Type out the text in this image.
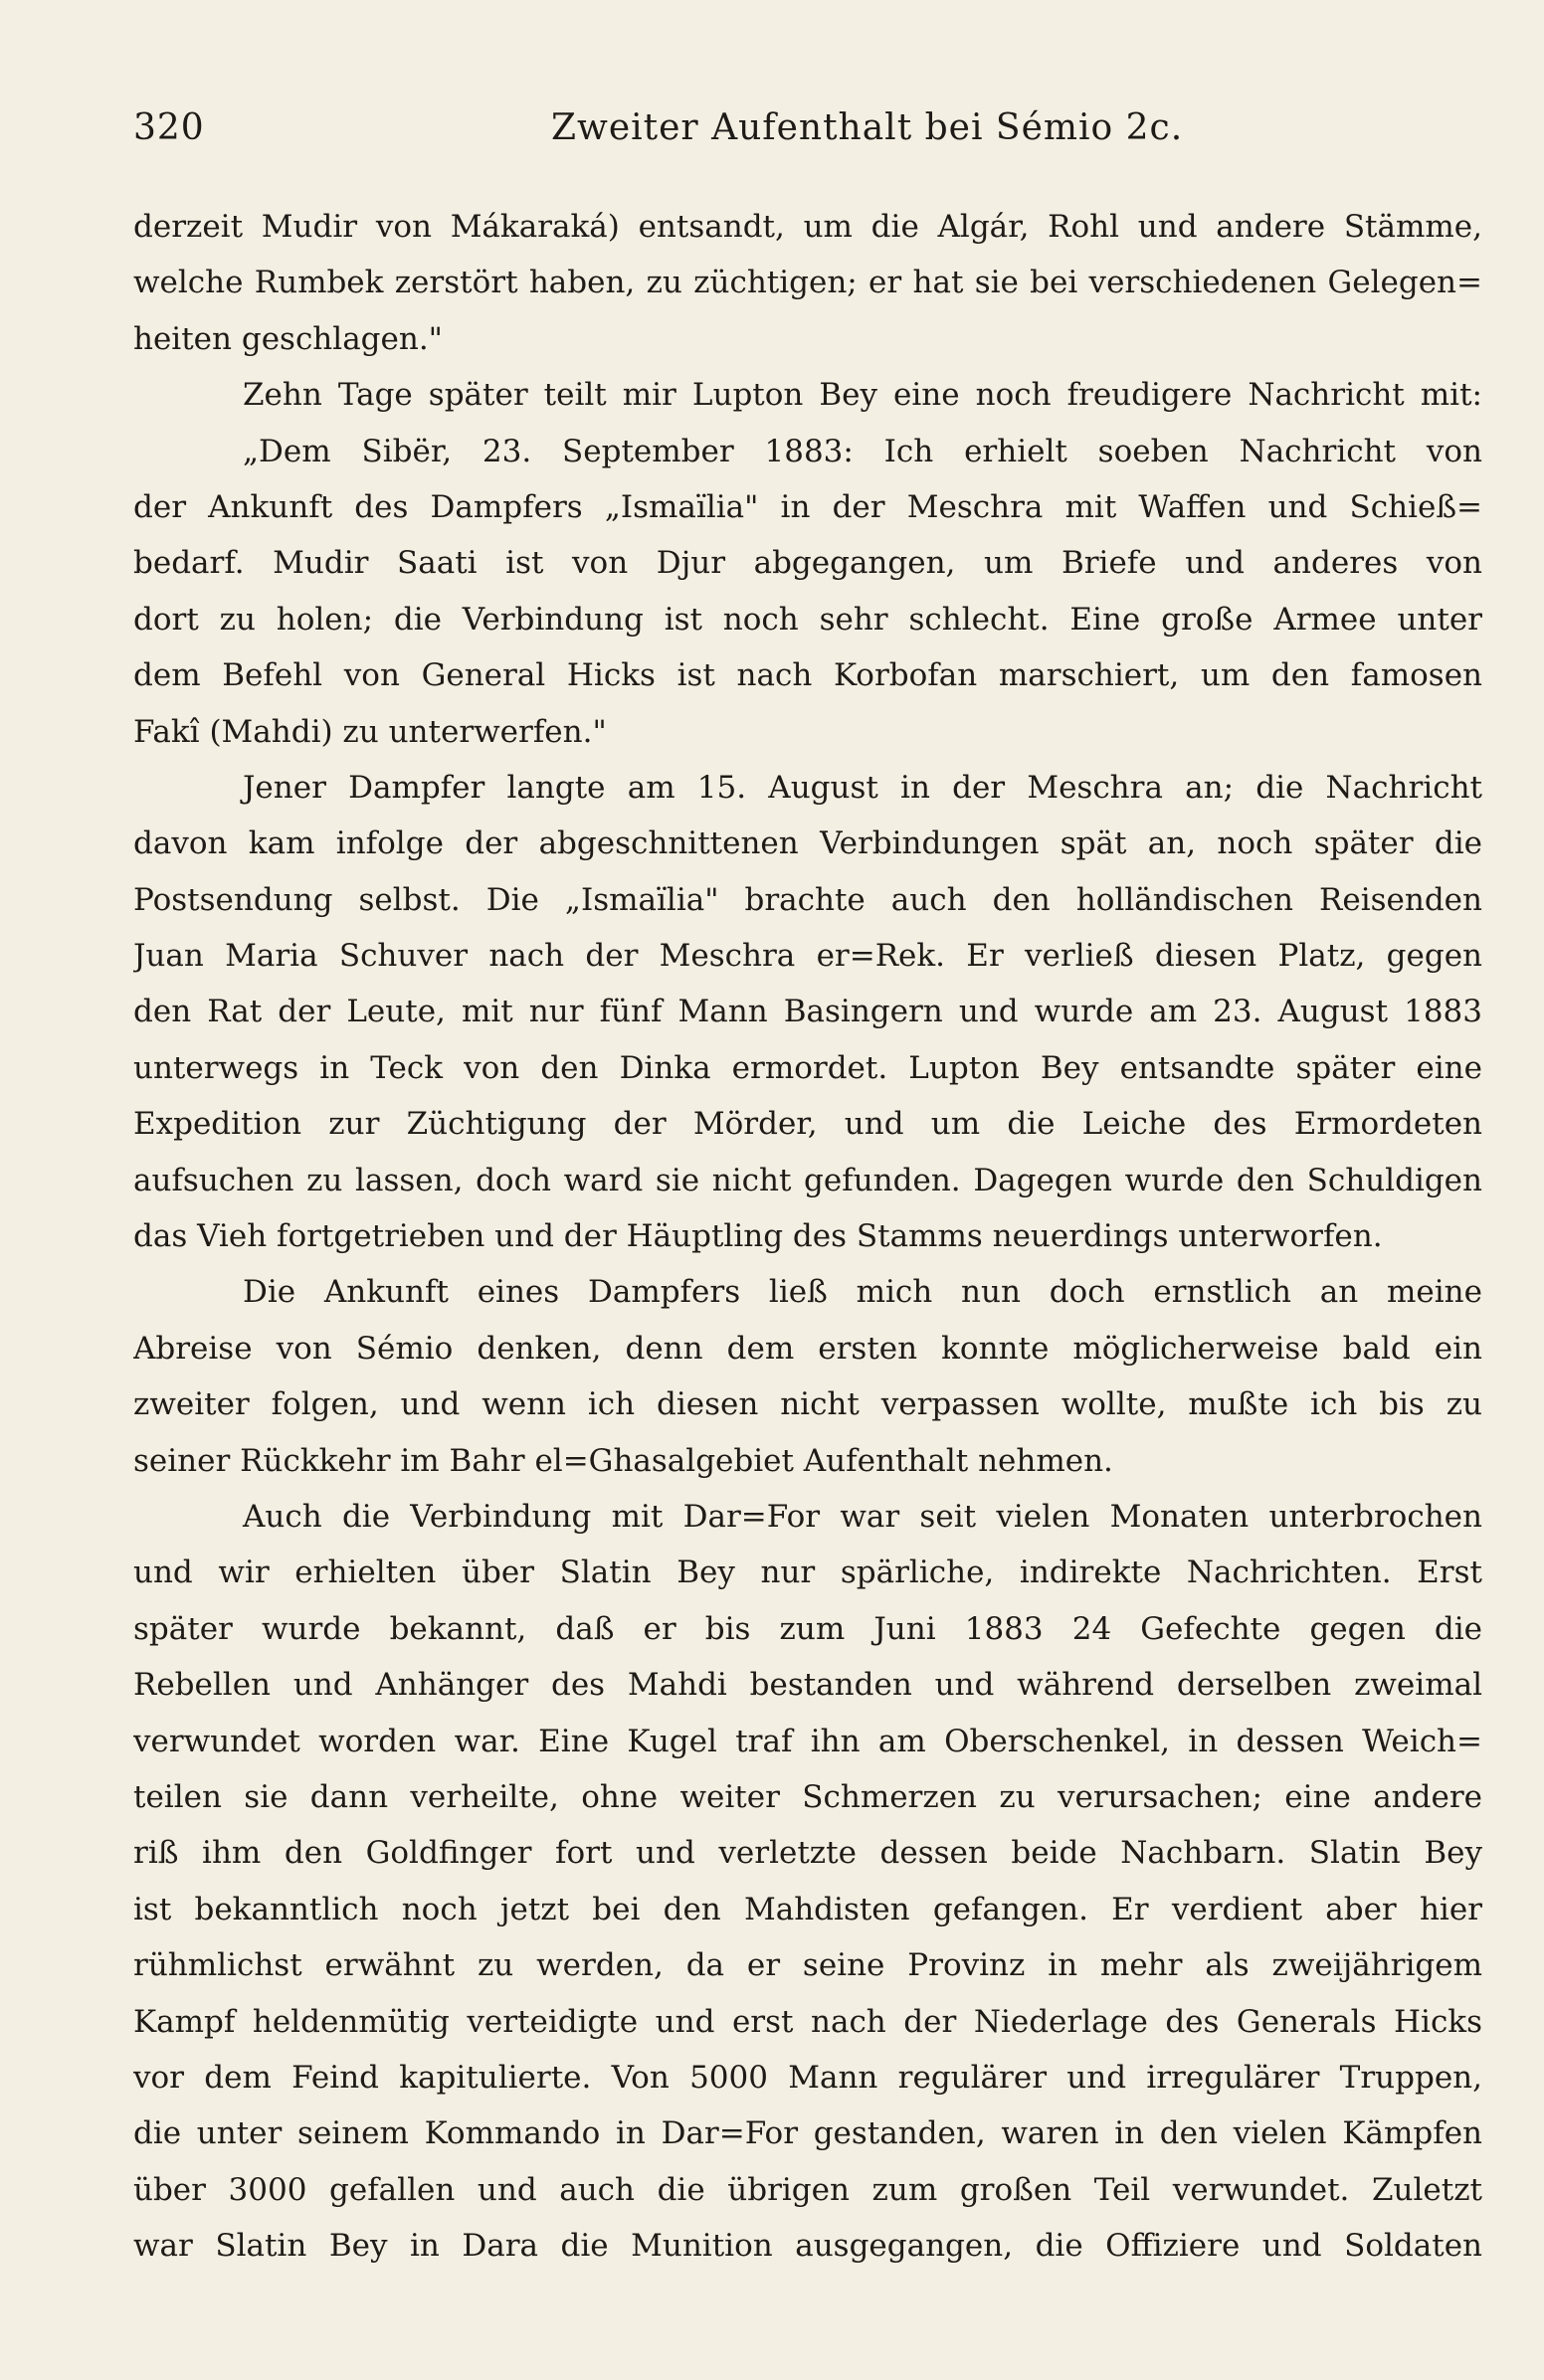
320	Zweiter Aufenthalt bei Sémio 2c.
derzeit Mudir von Mákaraká) entsandt, um die Algár, Rohl und andere Stämme,
welche Rumbek zerstört haben, zu züchtigen; er hat sie bei verschiedenen Gelegen=
heiten geschlagen."
Zehn Tage später teilt mir Lupton Bey eine noch freudigere Nachricht mit:
„Dem Sibër, 23. September 1883: Ich erhielt soeben Nachricht von
der Ankunft des Dampfers „Ismaïlia" in der Meschra mit Waffen und Schieß=
bedarf. Mudir Saati ist von Djur abgegangen, um Briefe und anderes von
dort zu holen; die Verbindung ist noch sehr schlecht. Eine große Armee unter
dem Befehl von General Hicks ist nach Korbofan marschiert, um den famosen
Fakî (Mahdi) zu unterwerfen."
Jener Dampfer langte am 15. August in der Meschra an; die Nachricht
davon kam infolge der abgeschnittenen Verbindungen spät an, noch später die
Postsendung selbst. Die „Ismaïlia" brachte auch den holländischen Reisenden
Juan Maria Schuver nach der Meschra er=Rek. Er verließ diesen Platz, gegen
den Rat der Leute, mit nur fünf Mann Basingern und wurde am 23. August 1883
unterwegs in Teck von den Dinka ermordet. Lupton Bey entsandte später eine
Expedition zur Züchtigung der Mörder, und um die Leiche des Ermordeten
aufsuchen zu lassen, doch ward sie nicht gefunden. Dagegen wurde den Schuldigen
das Vieh fortgetrieben und der Häuptling des Stamms neuerdings unterworfen.
Die Ankunft eines Dampfers ließ mich nun doch ernstlich an meine
Abreise von Sémio denken, denn dem ersten konnte möglicherweise bald ein
zweiter folgen, und wenn ich diesen nicht verpassen wollte, mußte ich bis zu
seiner Rückkehr im Bahr el=Ghasalgebiet Aufenthalt nehmen.
Auch die Verbindung mit Dar=For war seit vielen Monaten unterbrochen
und wir erhielten über Slatin Bey nur spärliche, indirekte Nachrichten. Erst
später wurde bekannt, daß er bis zum Juni 1883 24 Gefechte gegen die
Rebellen und Anhänger des Mahdi bestanden und während derselben zweimal
verwundet worden war. Eine Kugel traf ihn am Oberschenkel, in dessen Weich=
teilen sie dann verheilte, ohne weiter Schmerzen zu verursachen; eine andere
riß ihm den Goldfinger fort und verletzte dessen beide Nachbarn. Slatin Bey
ist bekanntlich noch jetzt bei den Mahdisten gefangen. Er verdient aber hier
rühmlichst erwähnt zu werden, da er seine Provinz in mehr als zweijährigem
Kampf heldenmütig verteidigte und erst nach der Niederlage des Generals Hicks
vor dem Feind kapitulierte. Von 5000 Mann regulärer und irregulärer Truppen,
die unter seinem Kommando in Dar=For gestanden, waren in den vielen Kämpfen
über 3000 gefallen und auch die übrigen zum großen Teil verwundet. Zuletzt
war Slatin Bey in Dara die Munition ausgegangen, die Offiziere und Soldaten
